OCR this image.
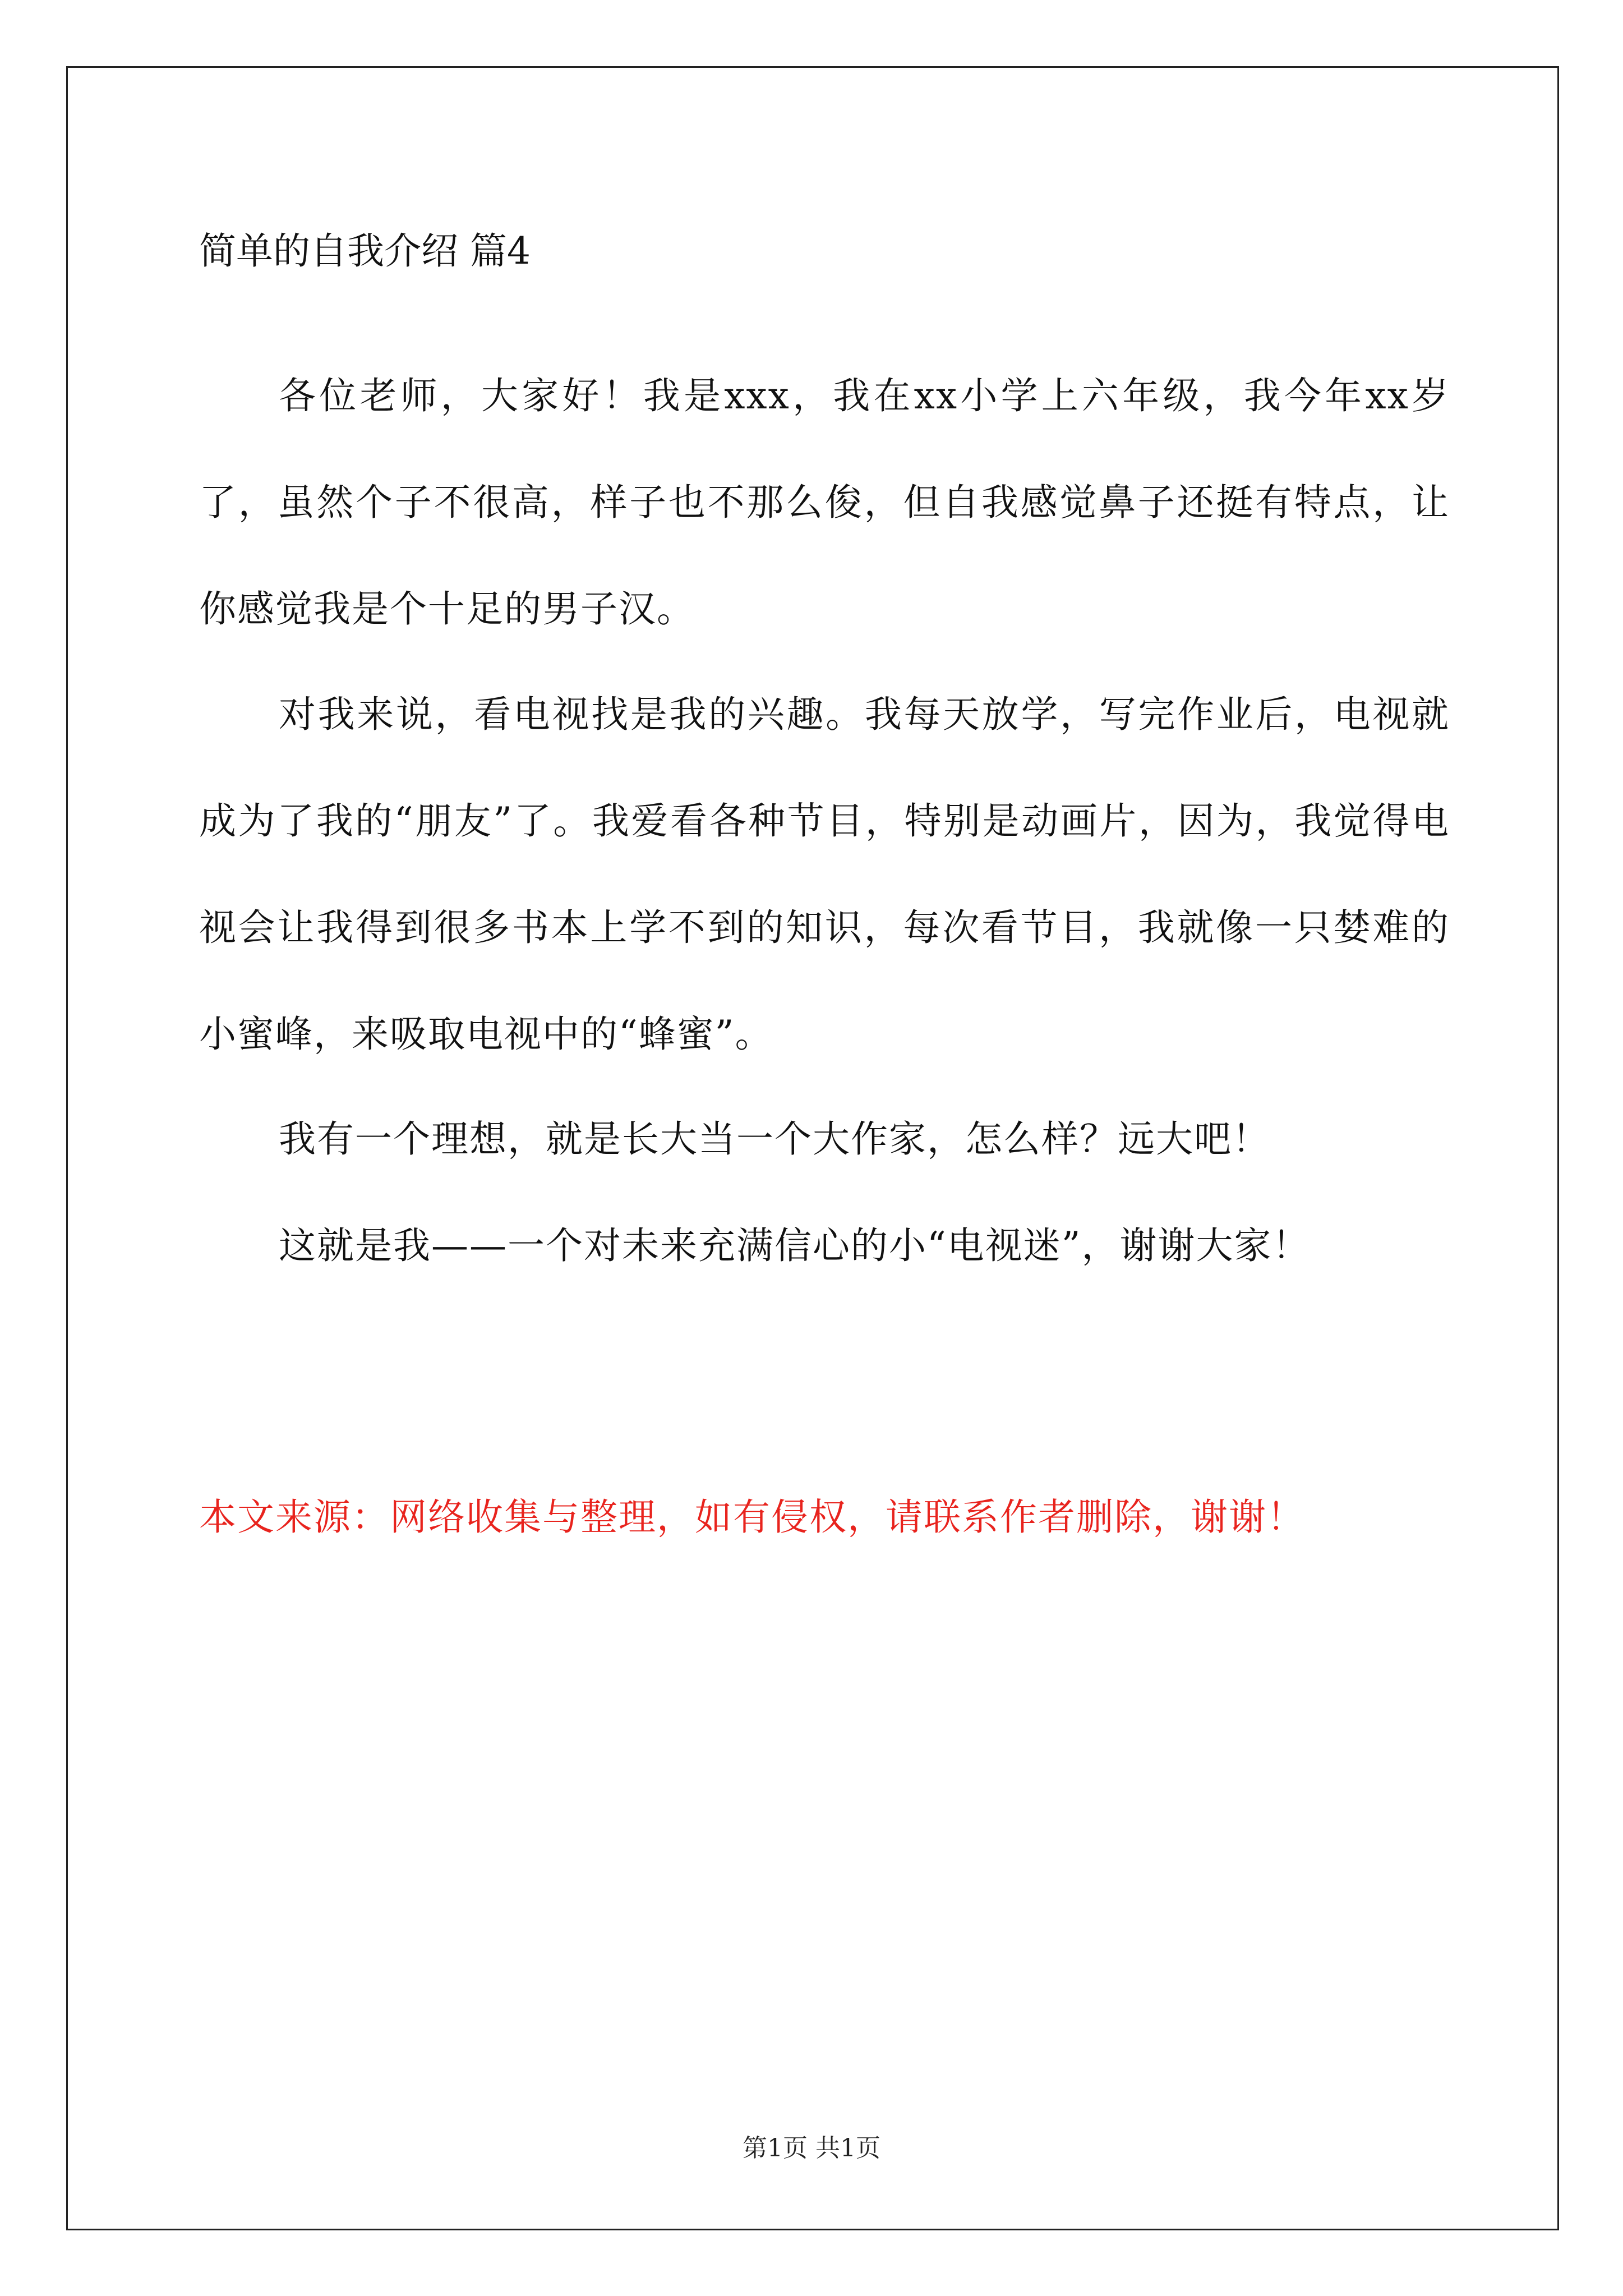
简单的自我介绍 篇4

各位老师，大家好！我是xxx，我在xx小学上六年级，我今年xx岁了，虽然个子不很高，样子也不那么俊，但自我感觉鼻子还挺有特点，让你感觉我是个十足的男子汉。

对我来说，看电视找是我的兴趣。我每天放学，写完作业后，电视就成为了我的“朋友”了。我爱看各种节目，特别是动画片，因为，我觉得电视会让我得到很多书本上学不到的知识，每次看节目，我就像一只婪难的小蜜峰，来吸取电视中的“蜂蜜”。

我有一个理想，就是长大当一个大作家，怎么样？远大吧！

这就是我——一个对未来充满信心的小“电视迷”，谢谢大家！

本文来源：网络收集与整理，如有侵权，请联系作者删除，谢谢！
第1页 共1页
